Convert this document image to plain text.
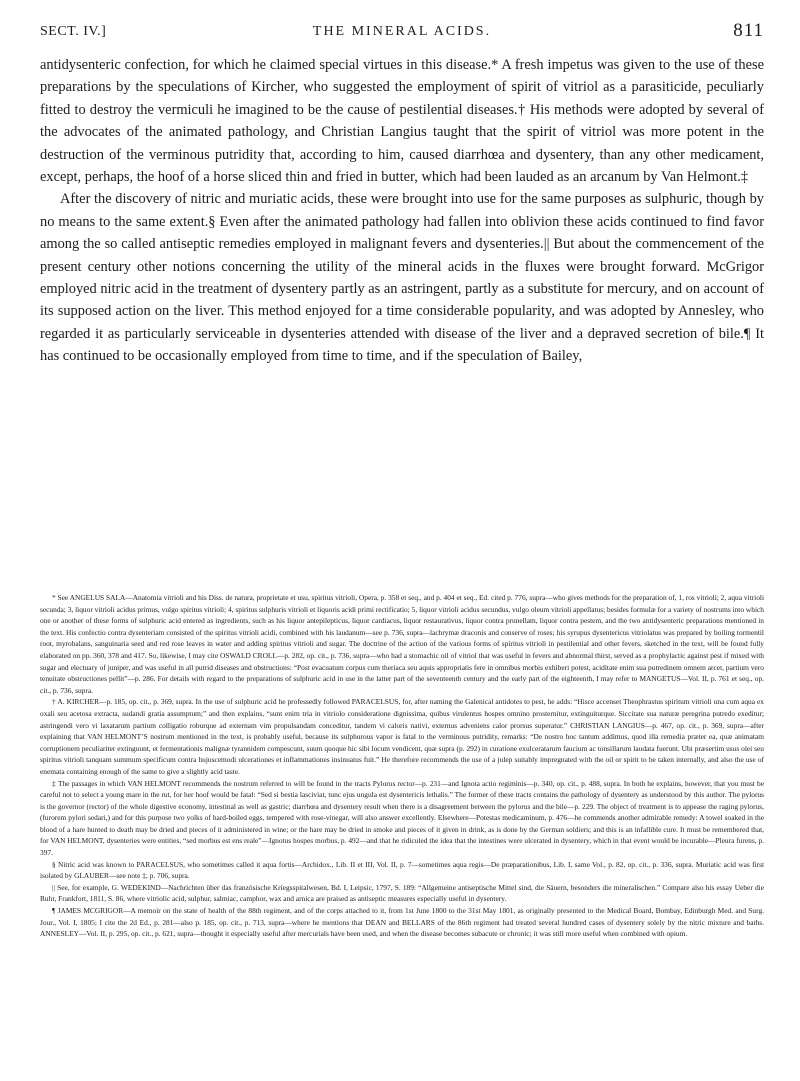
SECT. IV.]	THE MINERAL ACIDS.	811

antidysenteric confection, for which he claimed special virtues in this disease.* A fresh impetus was given to the use of these preparations by the speculations of Kircher, who suggested the employment of spirit of vitriol as a parasiticide, peculiarly fitted to destroy the vermiculi he imagined to be the cause of pestilential diseases.† His methods were adopted by several of the advocates of the animated pathology, and Christian Langius taught that the spirit of vitriol was more potent in the destruction of the verminous putridity that, according to him, caused diarrhœa and dysentery, than any other medicament, except, perhaps, the hoof of a horse sliced thin and fried in butter, which had been lauded as an arcanum by Van Helmont.‡

After the discovery of nitric and muriatic acids, these were brought into use for the same purposes as sulphuric, though by no means to the same extent.§ Even after the animated pathology had fallen into oblivion these acids continued to find favor among the so called antiseptic remedies employed in malignant fevers and dysenteries.|| But about the commencement of the present century other notions concerning the utility of the mineral acids in the fluxes were brought forward. McGrigor employed nitric acid in the treatment of dysentery partly as an astringent, partly as a substitute for mercury, and on account of its supposed action on the liver. This method enjoyed for a time considerable popularity, and was adopted by Annesley, who regarded it as particularly serviceable in dysenteries attended with disease of the liver and a depraved secretion of bile.¶ It has continued to be occasionally employed from time to time, and if the speculation of Bailey,

* See ANGELUS SALA—Anatomia vitrioli and his Diss. de natura, proprietate et usu, spiritus vitrioli, Opera, p. 358 et seq., and p. 404 et seq., Ed. cited p. 776, supra—who gives methods for the preparation of, 1, ros vitrioli; 2, aqua vitrioli secunda; 3, liquor vitrioli acidus primus, vulgo spiritus vitrioli; 4, spiritus sulphuris vitrioli et liquoris acidi primi rectificatio; 5, liquor vitrioli acidus secundus, vulgo oleum vitrioli appellatus; besides formulæ for a variety of nostrums into which one or another of these forms of sulphuric acid entered as ingredients, such as his liquor antepilepticus, liquor cardiacus, liquor restaurativus, liquor contra prunellam, liquor contra pestem, and the two antidysenteric preparations mentioned in the text. His confectio contra dysenteriam consisted of the spiritus vitrioli acidi, combined with his laudanum—see p. 736, supra—lachrymæ draconis and conserve of roses; his syrupus dysentericus vitriolatus was prepared by boiling tormentil root, myrobalans, sanguinaria seed and red rose leaves in water and adding spiritus vitrioli and sugar. The doctrine of the action of the various forms of spiritus vitrioli in pestilential and other fevers, sketched in the text, will be found fully elaborated on pp. 360, 378 and 417. So, likewise, I may cite OSWALD CROLL—p. 282, op. cit., p. 736, supra—who had a stomachic oil of vitriol that was useful in fevers and abnormal thirst, served as a prophylactic against pest if mixed with sugar and electuary of juniper, and was useful in all putrid diseases and obstructions: “Post evacuatum corpus cum theriaca seu aquis appropriatis fere in omnibus morbis exhiberi potest, aciditate enim sua putredinem omnem arcet, partium vero tenuitate obstructiones pellit”—p. 286. For details with regard to the preparations of sulphuric acid in use in the latter part of the seventeenth century and the early part of the eighteenth, I may refer to MANGETUS—Vol. II, p. 761 et seq., op. cit., p. 736, supra.

† A. KIRCHER—p. 185, op. cit., p. 369, supra. In the use of sulphuric acid he professedly followed PARACELSUS, for, after naming the Galenical antidotes to pest, he adds: “Hisce accenset Theophrastus spiritum vitrioli una cum aqua ex oxali seu acetosa extracta, sudandi gratia assumptum;” and then explains, “sunt enim tria in vitriolo consideratione dignissima, quibus virulentus hospes omnino prosternitur, extinguiturque. Siccitate sua naturæ peregrina putredo exeditur; astringendi vero vi laxatarum partium colligatio roburque ad externam vim propulsandam conceditur, tandem vi caloris nativi, externus adveniens calor prorsus superatur.” CHRISTIAN LANGIUS—p. 467, op. cit., p. 369, supra—after explaining that VAN HELMONT’S nostrum mentioned in the text, is probably useful, because its sulphurous vapor is fatal to the verminous putridity, remarks: “De nostro hoc tantum addimus, quod illa remedia præter ea, quæ animatam corruptionem peculiariter extinguunt, et fermentationis malignæ tyrannidem compescunt, suum quoque hic sibi locum vendicent, quæ supra (p. 292) in curatione exulceratarum faucium ac tonsillarum laudata fuerunt. Ubi præsertim usus olei seu spiritus vitrioli tanquam summum specificum contra hujuscemodi ulcerationes et inflammationes insinuatus fuit.” He therefore recommends the use of a julep suitably impregnated with the oil or spirit to be taken internally, and also the use of enemata containing enough of the same to give a slightly acid taste.

‡ The passages in which VAN HELMONT recommends the nostrum referred to will be found in the tracts Pylorus rector—p. 231—and Ignota actio regiminis—p. 340, op. cit., p. 488, supra. In both he explains, however, that you must be careful not to select a young mare in the rut, for her hoof would be fatal: “Sed si bestia lasciviat, tunc ejus ungula est dysentericis lethalis.” The former of these tracts contains the pathology of dysentery as understood by this author. The pylorus is the governor (rector) of the whole digestive economy, intestinal as well as gastric; diarrhœa and dysentery result when there is a disagreement between the pylorus and the bile—p. 229. The object of treatment is to appease the raging pylorus, (furorem pylori sedari,) and for this purpose two yolks of hard-boiled eggs, tempered with rose-vinegar, will also answer excellently. Elsewhere—Potestas medicaminum, p. 476—he commends another admirable remedy: A towel soaked in the blood of a hare hunted to death may be dried and pieces of it administered in wine; or the hare may be dried in smoke and pieces of it given in drink, as is done by the German soldiers; and this is an infallible cure. It must be remembered that, for VAN HELMONT, dysenteries were entities, “sed morbus est ens reale”—Ignotus hospes morbus, p. 492—and that he ridiculed the idea that the intestines were ulcerated in dysentery, which in that event would be incurable—Pleura furens, p. 397.

§ Nitric acid was known to PARACELSUS, who sometimes called it aqua fortis—Archidox., Lib. II et III, Vol. II, p. 7—sometimes aqua regis—De præparationibus, Lib. I, same Vol., p. 82, op. cit., p. 336, supra. Muriatic acid was first isolated by GLAUBER—see note ‡, p. 706, supra.

|| See, for example, G. WEDEKIND—Nachrichten über das französische Kriegsspitalwesen, Bd. I, Leipsic, 1797, S. 189: “Allgemeine antiseptische Mittel sind, die Säuern, besonders die mineralischen.” Compare also his essay Ueber die Ruhr, Frankfort, 1811, S. 86, where vitriolic acid, sulphur, salmiac, camphor, wax and arnica are praised as antiseptic measures especially useful in dysentery.

¶ JAMES MCGRIGOR—A memoir on the state of health of the 88th regiment, and of the corps attached to it, from 1st June 1800 to the 31st May 1801, as originally presented to the Medical Board, Bombay, Edinburgh Med. and Surg. Jour., Vol. I, 1805; I cite the 2d Ed., p. 281—also p. 185, op. cit., p. 713, supra—where he mentions that DEAN and BELLARS of the 86th regiment had treated several hundred cases of dysentery solely by the nitric mixture and baths. ANNESLEY—Vol. II, p. 295, op. cit., p. 621, supra—thought it especially useful after mercurials have been used, and when the disease becomes subacute or chronic; it was still more useful when combined with opium.
